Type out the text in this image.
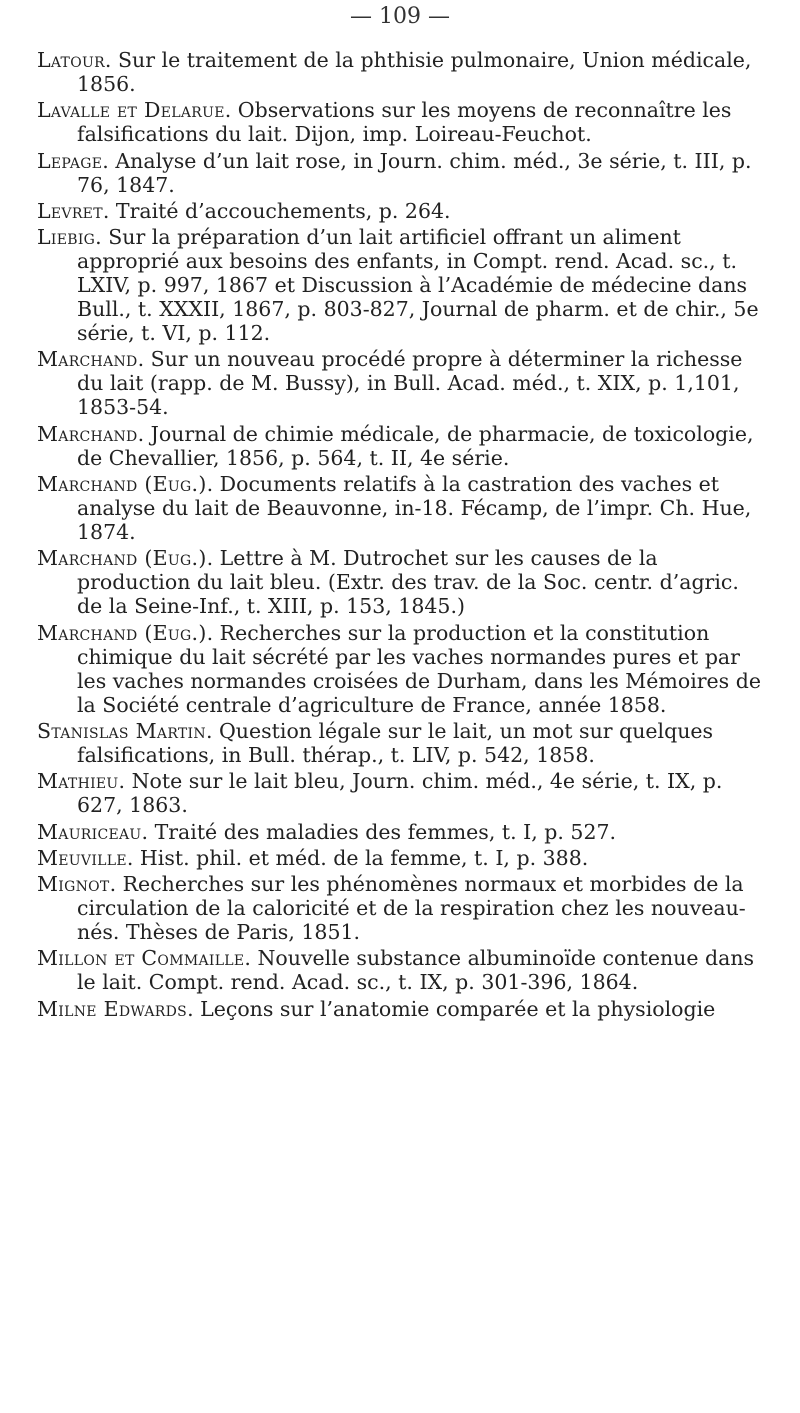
— 109 —

Latour. Sur le traitement de la phthisie pulmonaire, Union médicale, 1856.

Lavalle et Delarue. Observations sur les moyens de reconnaître les falsifications du lait. Dijon, imp. Loireau-Feuchot.

Lepage. Analyse d’un lait rose, in Journ. chim. méd., 3e série, t. III, p. 76, 1847.

Levret. Traité d’accouchements, p. 264.

Liebig. Sur la préparation d’un lait artificiel offrant un aliment approprié aux besoins des enfants, in Compt. rend. Acad. sc., t. LXIV, p. 997, 1867 et Discussion à l’Académie de médecine dans Bull., t. XXXII, 1867, p. 803-827, Journal de pharm. et de chir., 5e série, t. VI, p. 112.

Marchand. Sur un nouveau procédé propre à déterminer la richesse du lait (rapp. de M. Bussy), in Bull. Acad. méd., t. XIX, p. 1,101, 1853-54.

Marchand. Journal de chimie médicale, de pharmacie, de toxicologie, de Chevallier, 1856, p. 564, t. II, 4e série.

Marchand (Eug.). Documents relatifs à la castration des vaches et analyse du lait de Beauvonne, in-18. Fécamp, de l’impr. Ch. Hue, 1874.

Marchand (Eug.). Lettre à M. Dutrochet sur les causes de la production du lait bleu. (Extr. des trav. de la Soc. centr. d’agric. de la Seine-Inf., t. XIII, p. 153, 1845.)

Marchand (Eug.). Recherches sur la production et la constitution chimique du lait sécrété par les vaches normandes pures et par les vaches normandes croisées de Durham, dans les Mémoires de la Société centrale d’agriculture de France, année 1858.

Stanislas Martin. Question légale sur le lait, un mot sur quelques falsifications, in Bull. thérap., t. LIV, p. 542, 1858.

Mathieu. Note sur le lait bleu, Journ. chim. méd., 4e série, t. IX, p. 627, 1863.

Mauriceau. Traité des maladies des femmes, t. I, p. 527.

Meuville. Hist. phil. et méd. de la femme, t. I, p. 388.

Mignot. Recherches sur les phénomènes normaux et morbides de la circulation de la caloricité et de la respiration chez les nouveau-nés. Thèses de Paris, 1851.

Millon et Commaille. Nouvelle substance albuminoïde contenue dans le lait. Compt. rend. Acad. sc., t. IX, p. 301-396, 1864.

Milne Edwards. Leçons sur l’anatomie comparée et la physiologie
